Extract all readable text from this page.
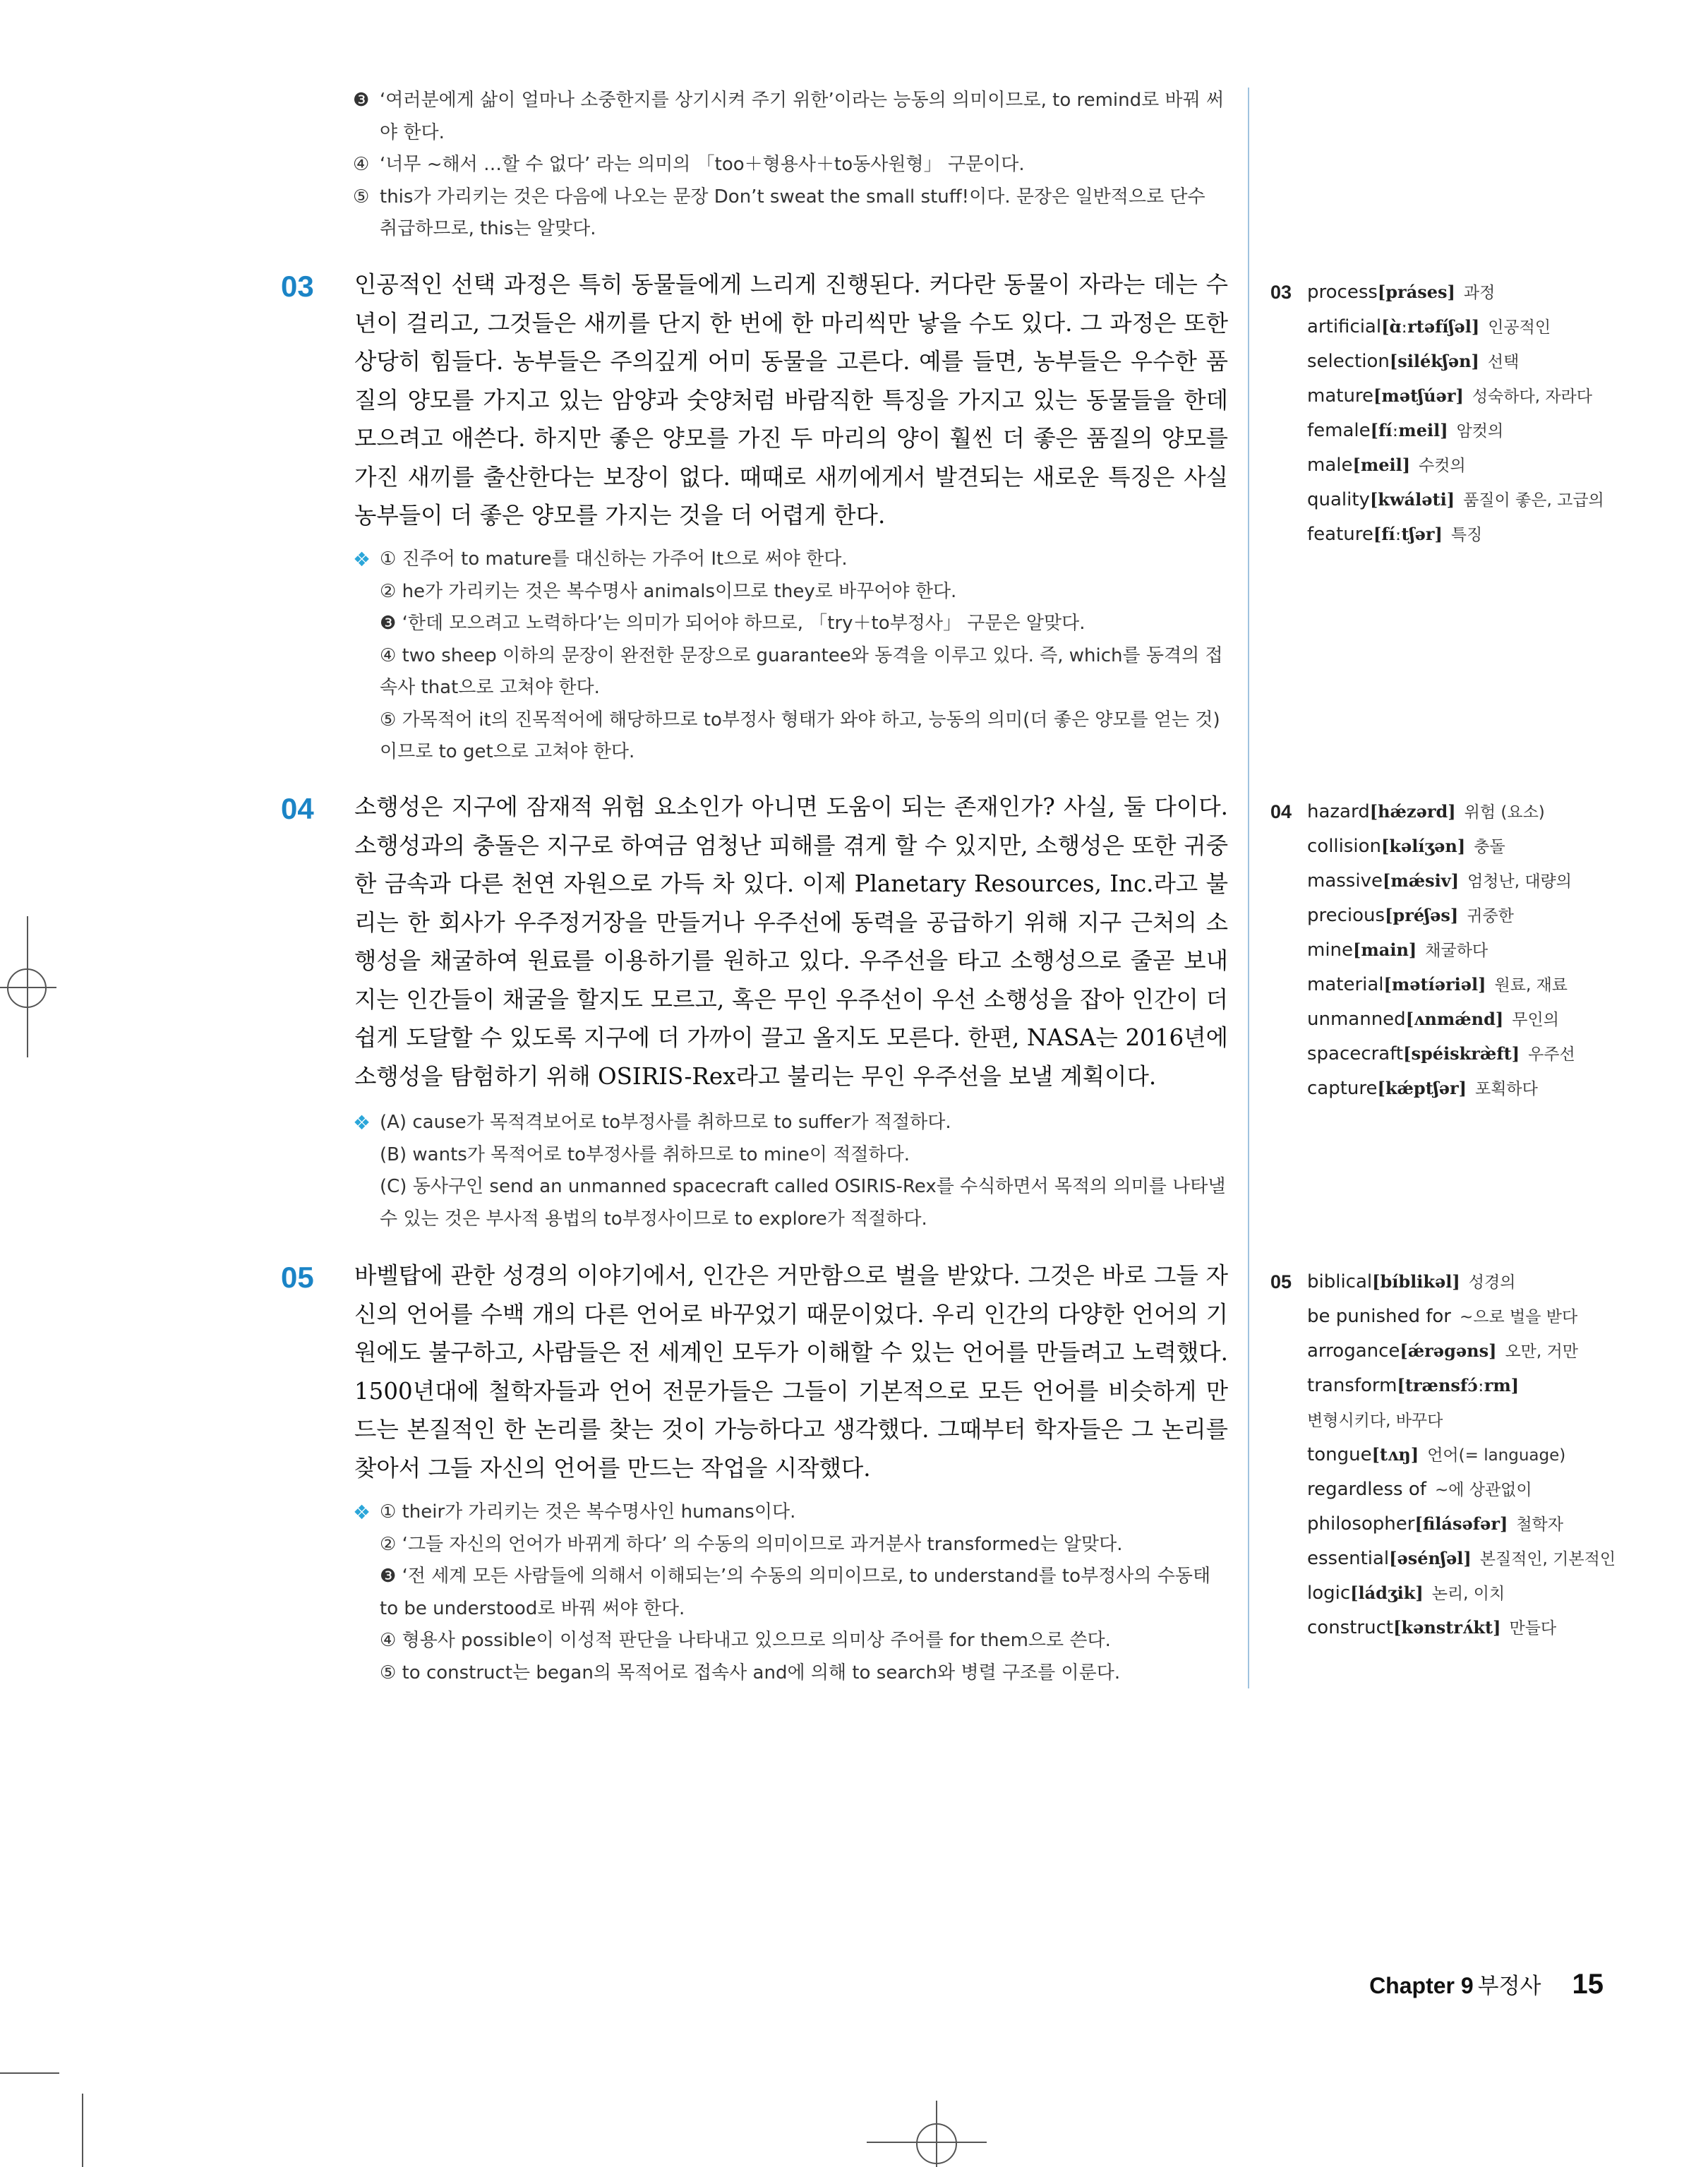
❸ ‘여러분에게 삶이 얼마나 소중한지를 상기시켜 주기 위한’이라는 능동의 의미이므로, to remind로 바꿔 써야 한다.
④ ‘너무 ~해서 …할 수 없다’ 라는 의미의 「too＋형용사＋to동사원형」 구문이다.
⑤ this가 가리키는 것은 다음에 나오는 문장 Don’t sweat the small stuff!이다. 문장은 일반적으로 단수 취급하므로, this는 알맞다.
03 인공적인 선택 과정은 특히 동물들에게 느리게 진행된다. 커다란 동물이 자라는 데는 수 년이 걸리고, 그것들은 새끼를 단지 한 번에 한 마리씩만 낳을 수도 있다. 그 과정은 또한 상당히 힘들다. 농부들은 주의깊게 어미 동물을 고른다. 예를 들면, 농부들은 우수한 품질의 양모를 가지고 있는 암양과 숫양처럼 바람직한 특징을 가지고 있는 동물들을 한데 모으려고 애쓴다. 하지만 좋은 양모를 가진 두 마리의 양이 훨씬 더 좋은 품질의 양모를 가진 새끼를 출산한다는 보장이 없다. 때때로 새끼에게서 발견되는 새로운 특징은 사실 농부들이 더 좋은 양모를 가지는 것을 더 어렵게 한다.
❖ ① 진주어 to mature를 대신하는 가주어 It으로 써야 한다.
② he가 가리키는 것은 복수명사 animals이므로 they로 바꾸어야 한다.
❸ ‘한데 모으려고 노력하다’는 의미가 되어야 하므로, 「try＋to부정사」 구문은 알맞다.
④ two sheep 이하의 문장이 완전한 문장으로 guarantee와 동격을 이루고 있다. 즉, which를 동격의 접속사 that으로 고쳐야 한다.
⑤ 가목적어 it의 진목적어에 해당하므로 to부정사 형태가 와야 하고, 능동의 의미(더 좋은 양모를 얻는 것)이므로 to get으로 고쳐야 한다.
03 process[práses] 과정
artificial[ɑ̀ːrtəfíʃəl] 인공적인
selection[silékʃən] 선택
mature[mətʃúər] 성숙하다, 자라다
female[fíːmeil] 암컷의
male[meil] 수컷의
quality[kwáləti] 품질이 좋은, 고급의
feature[fíːtʃər] 특징
04 소행성은 지구에 잠재적 위험 요소인가 아니면 도움이 되는 존재인가? 사실, 둘 다이다. 소행성과의 충돌은 지구로 하여금 엄청난 피해를 겪게 할 수 있지만, 소행성은 또한 귀중한 금속과 다른 천연 자원으로 가득 차 있다. 이제 Planetary Resources, Inc.라고 불리는 한 회사가 우주정거장을 만들거나 우주선에 동력을 공급하기 위해 지구 근처의 소행성을 채굴하여 원료를 이용하기를 원하고 있다. 우주선을 타고 소행성으로 줄곧 보내지는 인간들이 채굴을 할지도 모르고, 혹은 무인 우주선이 우선 소행성을 잡아 인간이 더 쉽게 도달할 수 있도록 지구에 더 가까이 끌고 올지도 모른다. 한편, NASA는 2016년에 소행성을 탐험하기 위해 OSIRIS-Rex라고 불리는 무인 우주선을 보낼 계획이다.
❖ (A) cause가 목적격보어로 to부정사를 취하므로 to suffer가 적절하다.
(B) wants가 목적어로 to부정사를 취하므로 to mine이 적절하다.
(C) 동사구인 send an unmanned spacecraft called OSIRIS-Rex를 수식하면서 목적의 의미를 나타낼 수 있는 것은 부사적 용법의 to부정사이므로 to explore가 적절하다.
04 hazard[hǽzərd] 위험 (요소)
collision[kəlíʒən] 충돌
massive[mǽsiv] 엄청난, 대량의
precious[préʃəs] 귀중한
mine[main] 채굴하다
material[mətíəriəl] 원료, 재료
unmanned[ʌnmǽnd] 무인의
spacecraft[spéiskræ̀ft] 우주선
capture[kǽptʃər] 포획하다
05 바벨탑에 관한 성경의 이야기에서, 인간은 거만함으로 벌을 받았다. 그것은 바로 그들 자신의 언어를 수백 개의 다른 언어로 바꾸었기 때문이었다. 우리 인간의 다양한 언어의 기원에도 불구하고, 사람들은 전 세계인 모두가 이해할 수 있는 언어를 만들려고 노력했다. 1500년대에 철학자들과 언어 전문가들은 그들이 기본적으로 모든 언어를 비슷하게 만드는 본질적인 한 논리를 찾는 것이 가능하다고 생각했다. 그때부터 학자들은 그 논리를 찾아서 그들 자신의 언어를 만드는 작업을 시작했다.
❖ ① their가 가리키는 것은 복수명사인 humans이다.
② ‘그들 자신의 언어가 바뀌게 하다’ 의 수동의 의미이므로 과거분사 transformed는 알맞다.
❸ ‘전 세계 모든 사람들에 의해서 이해되는’의 수동의 의미이므로, to understand를 to부정사의 수동태 to be understood로 바꿔 써야 한다.
④ 형용사 possible이 이성적 판단을 나타내고 있으므로 의미상 주어를 for them으로 쓴다.
⑤ to construct는 began의 목적어로 접속사 and에 의해 to search와 병렬 구조를 이룬다.
05 biblical[bíblikəl] 성경의
be punished for ~으로 벌을 받다
arrogance[ǽrəgəns] 오만, 거만
transform[trænsfɔ́ːrm]
변형시키다, 바꾸다
tongue[tʌŋ] 언어(= language)
regardless of ~에 상관없이
philosopher[filásəfər] 철학자
essential[əsénʃəl] 본질적인, 기본적인
logic[ládʒik] 논리, 이치
construct[kənstrʌ́kt] 만들다
Chapter 9 부정사 15
